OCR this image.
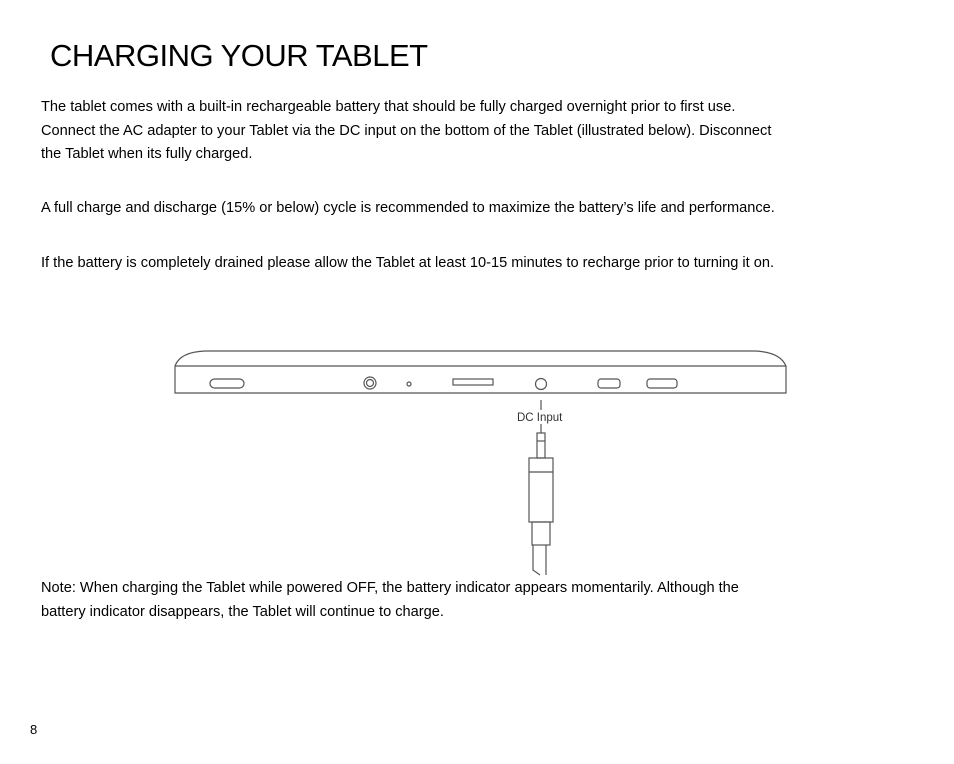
CHARGING YOUR TABLET
The tablet comes with a built-in rechargeable battery that should be fully charged overnight prior to first use.
Connect the AC adapter to your Tablet via the DC input on the bottom of the Tablet (illustrated below). Disconnect
the Tablet when its fully charged.
A full charge and discharge (15% or below) cycle is recommended to maximize the battery’s life and performance.
If the battery is completely drained please allow the Tablet at least 10-15 minutes to recharge prior to turning it on.
DC Input
Note: When charging the Tablet while powered OFF, the battery indicator appears momentarily. Although the
battery indicator disappears, the Tablet will continue to charge.
8
